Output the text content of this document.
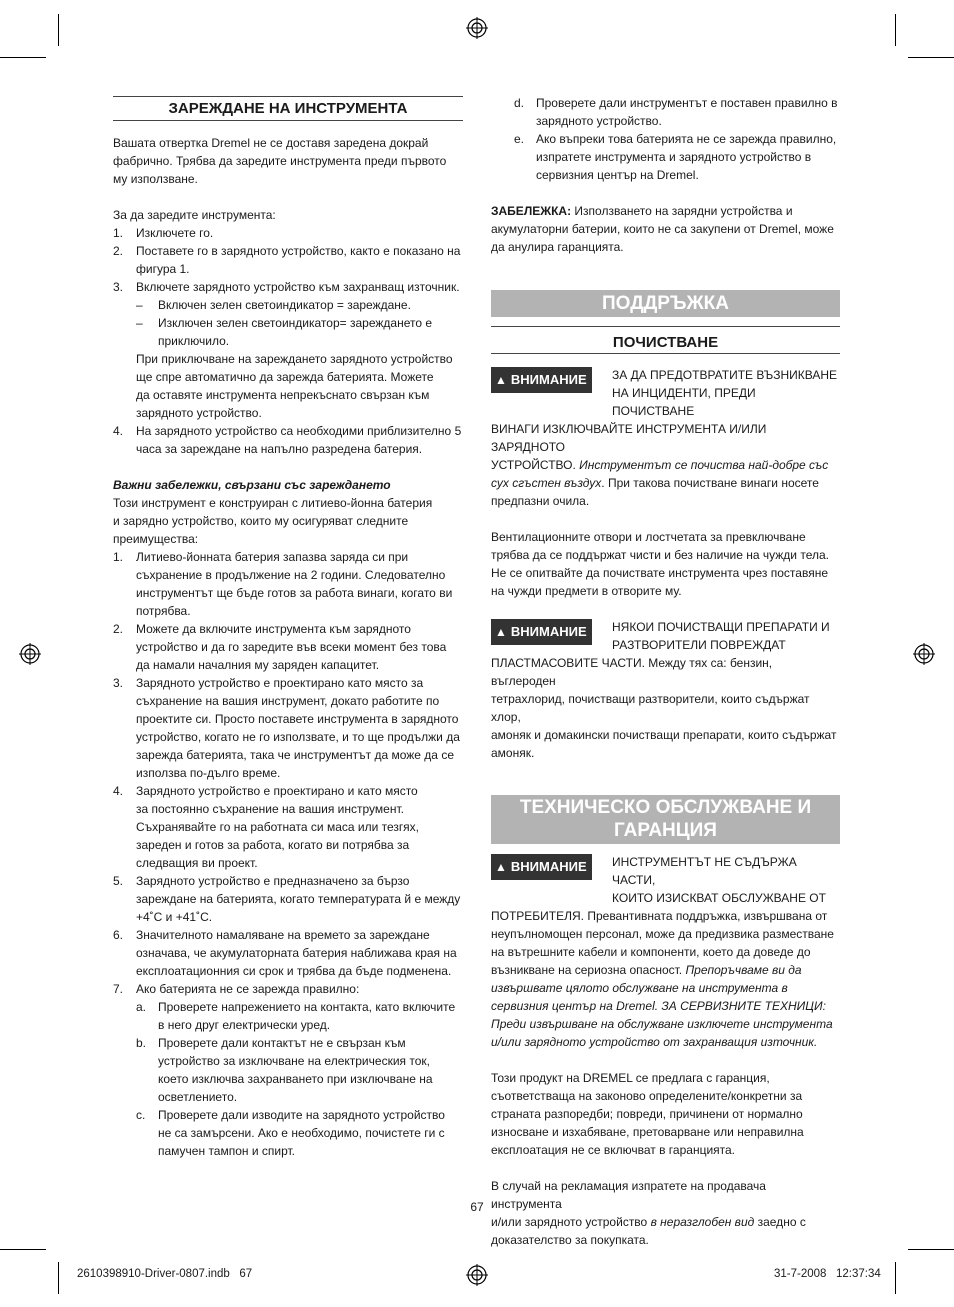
ЗАРЕЖДАНЕ НА ИНСТРУМЕНТА

Вашата отвертка Dremel не се доставя заредена докрай

фабрично. Трябва да заредите инструмента преди първото

му използване.

За да заредите инструмента:

1. Изключете го.

2. Поставете го в зарядното устройство, както е показано на

фигура 1.

3. Включете зарядното устройство към захранващ източник.

– Включен зелен светоиндикатор = зареждане.

– Изключен зелен светоиндикатор= зареждането е

приключило.

При приключване на зареждането зарядното устройство

ще спре автоматично да зарежда батерията. Можете

да оставяте инструмента непрекъснато свързан към

зарядното устройство.

4. На зарядното устройство са необходими приблизително 5

часа за зареждане на напълно разредена батерия.

Важни забележки, свързани със зареждането

Този инструмент е конструиран с литиево-йонна батерия

и зарядно устройство, които му осигуряват следните

преимущества:

1. Литиево-йонната батерия запазва заряда си при

съхранение в продължение на 2 години. Следователно

инструментът ще бъде готов за работа винаги, когато ви

потрябва.

2. Можете да включите инструмента към зарядното

устройство и да го заредите във всеки момент без това

да намали началния му заряден капацитет.

3. Зарядното устройство е проектирано като място за

съхранение на вашия инструмент, докато работите по

проектите си. Просто поставете инструмента в зарядното

устройство, когато не го използвате, и то ще продължи да

зарежда батерията, така че инструментът да може да се

използва по-дълго време.

4. Зарядното устройство е проектирано и като място

за постоянно съхранение на вашия инструмент.

Съхранявайте го на работната си маса или тезгях,

зареден и готов за работа, когато ви потрябва за

следващия ви проект.

5. Зарядното устройство е предназначено за бързо

зареждане на батерията, когато температурата й е между

+4˚C и +41˚C.

6. Значителното намаляване на времето за зареждане

означава, че акумулаторната батерия наближава края на

експлоатационния си срок и трябва да бъде подменена.

7. Ако батерията не се зарежда правилно:

a. Проверете напрежението на контакта, като включите

в него друг електрически уред.

b. Проверете дали контактът не е свързан към

устройство за изключване на електрическия ток,

което изключва захранването при изключване на

осветлението.

c. Проверете дали изводите на зарядното устройство

не са замърсени. Ако е необходимо, почистете ги с

памучен тампон и спирт.

d. Проверете дали инструментът е поставен правилно в

зарядното устройство.

e. Ако въпреки това батерията не се зарежда правилно,

изпратете инструмента и зарядното устройство в

сервизния център на Dremel.

ЗАБЕЛЕЖКА: Използването на зарядни устройства и

акумулаторни батерии, които не са закупени от Dremel, може

да анулира гаранцията.

ПОДДРЪЖКА
ПОЧИСТВАНЕ
▲ ВНИМАНИЕ	ЗА ДА ПРЕДОТВРАТИТЕ ВЪЗНИКВАНЕ

НА ИНЦИДЕНТИ, ПРЕДИ ПОЧИСТВАНЕ

ВИНАГИ ИЗКЛЮЧВАЙТЕ ИНСТРУМЕНТА И/ИЛИ ЗАРЯДНОТО

УСТРОЙСТВО. Инструментът се почиства най-добре със

сух сгъстен въздух. При такова почистване винаги носете

предпазни очила.

Вентилационните отвори и лостчетата за превключване

трябва да се поддържат чисти и без наличие на чужди тела.

Не се опитвайте да почиствате инструмента чрез поставяне

на чужди предмети в отворите му.

▲ ВНИМАНИЕ	НЯКОИ ПОЧИСТВАЩИ ПРЕПАРАТИ И

РАЗТВОРИТЕЛИ ПОВРЕЖДАТ

ПЛАСТМАСОВИТЕ ЧАСТИ. Между тях са: бензин, въглероден

тетрахлорид, почистващи разтворители, които съдържат хлор,

амоняк и домакински почистващи препарати, които съдържат

амоняк.

ТЕХНИЧЕСКО ОБСЛУЖВАНЕ И
ГАРАНЦИЯ
▲ ВНИМАНИЕ	ИНСТРУМЕНТЪТ НЕ СЪДЪРЖА ЧАСТИ,

КОИТО ИЗИСКВАТ ОБСЛУЖВАНЕ ОТ

ПОТРЕБИТЕЛЯ. Превантивната поддръжка, извършвана от

неупълномощен персонал, може да предизвика разместване

на вътрешните кабели и компоненти, което да доведе до

възникване на сериозна опасност. Препоръчваме ви да

извършвате цялото обслужване на инструмента в

сервизния център на Dremel. ЗА СЕРВИЗНИТЕ ТЕХНИЦИ:

Преди извършване на обслужване изключете инструмента

и/или зарядното устройство от захранващия източник.

Този продукт на DREMEL се предлага с гаранция,

съответстваща на законово определените/конкретни за

страната разпоредби; повреди, причинени от нормално

износване и изхабяване, претоварване или неправилна

експлоатация не се включват в гаранцията.

В случай на рекламация изпратете на продавача инструмента

и/или зарядното устройство в неразглобен вид заедно с

доказателство за покупката.

67
2610398910-Driver-0807.indb   67	31-7-2008   12:37:34
